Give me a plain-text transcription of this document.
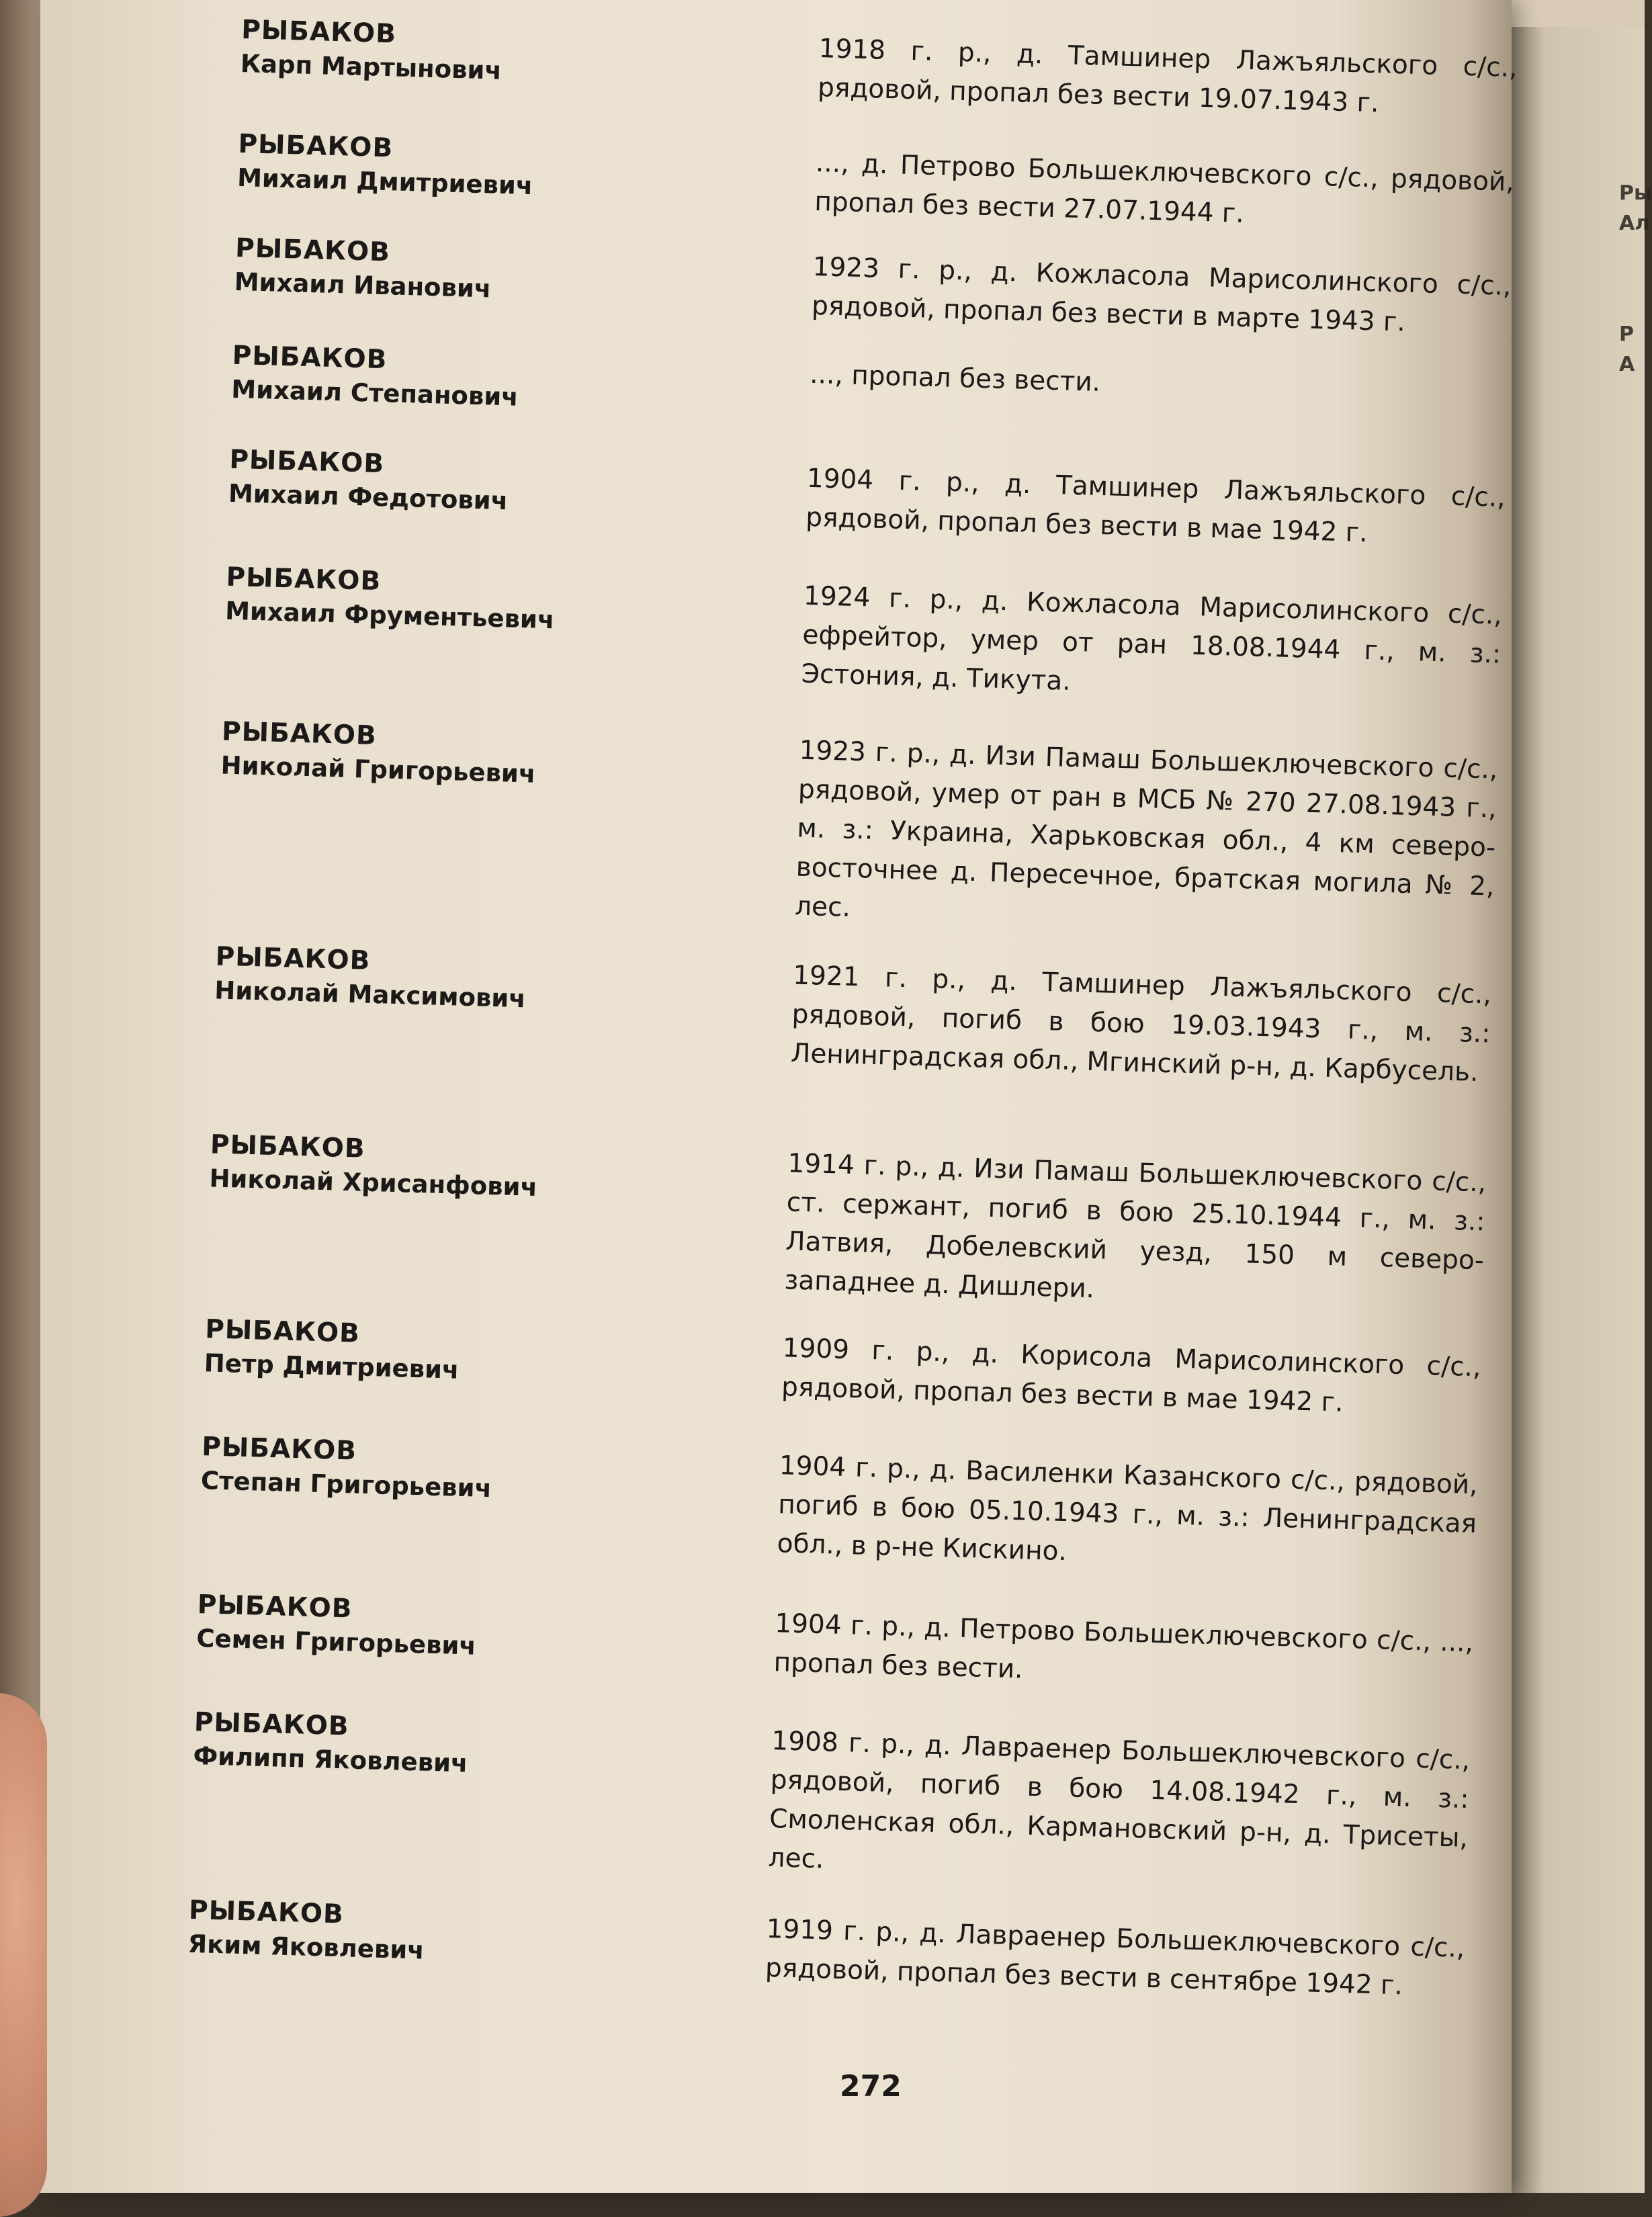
Ры
Ал
Р
А
РЫБАКОВ
Карп Мартынович	1918 г. р., д. Тамшинер Лажъяльского с/с., рядовой, пропал без вести 19.07.1943 г.
РЫБАКОВ
Михаил Дмитриевич	..., д. Петрово Большеключевского с/с., рядовой, пропал без вести 27.07.1944 г.
РЫБАКОВ
Михаил Иванович	1923 г. р., д. Кожласола Марисолинского с/с., рядовой, пропал без вести в марте 1943 г.
РЫБАКОВ
Михаил Степанович	..., пропал без вести.
РЫБАКОВ
Михаил Федотович	1904 г. р., д. Тамшинер Лажъяльского с/с., рядовой, пропал без вести в мае 1942 г.
РЫБАКОВ
Михаил Фрументьевич	1924 г. р., д. Кожласола Марисолинского с/с., ефрейтор, умер от ран 18.08.1944 г., м. з.: Эстония, д. Тикута.
РЫБАКОВ
Николай Григорьевич	1923 г. р., д. Изи Памаш Большеключевского с/с., рядовой, умер от ран в МСБ № 270 27.08.1943 г., м. з.: Украина, Харьковская обл., 4 км северо-восточнее д. Пересечное, братская могила № 2, лес.
РЫБАКОВ
Николай Максимович	1921 г. р., д. Тамшинер Лажъяльского с/с., рядовой, погиб в бою 19.03.1943 г., м. з.: Ленинградская обл., Мгинский р-н, д. Карбусель.
РЫБАКОВ
Николай Хрисанфович	1914 г. р., д. Изи Памаш Большеключевского с/с., ст. сержант, погиб в бою 25.10.1944 г., м. з.: Латвия, Добелевский уезд, 150 м северо-западнее д. Дишлери.
РЫБАКОВ
Петр Дмитриевич	1909 г. р., д. Корисола Марисолинского с/с., рядовой, пропал без вести в мае 1942 г.
РЫБАКОВ
Степан Григорьевич	1904 г. р., д. Василенки Казанского с/с., рядовой, погиб в бою 05.10.1943 г., м. з.: Ленинградская обл., в р-не Кискино.
РЫБАКОВ
Семен Григорьевич	1904 г. р., д. Петрово Большеключевского с/с., ..., пропал без вести.
РЫБАКОВ
Филипп Яковлевич	1908 г. р., д. Лавраенер Большеключевского с/с., рядовой, погиб в бою 14.08.1942 г., м. з.: Смоленская обл., Кармановский р-н, д. Трисеты, лес.
РЫБАКОВ
Яким Яковлевич	1919 г. р., д. Лавраенер Большеключевского с/с., рядовой, пропал без вести в сентябре 1942 г.
272
